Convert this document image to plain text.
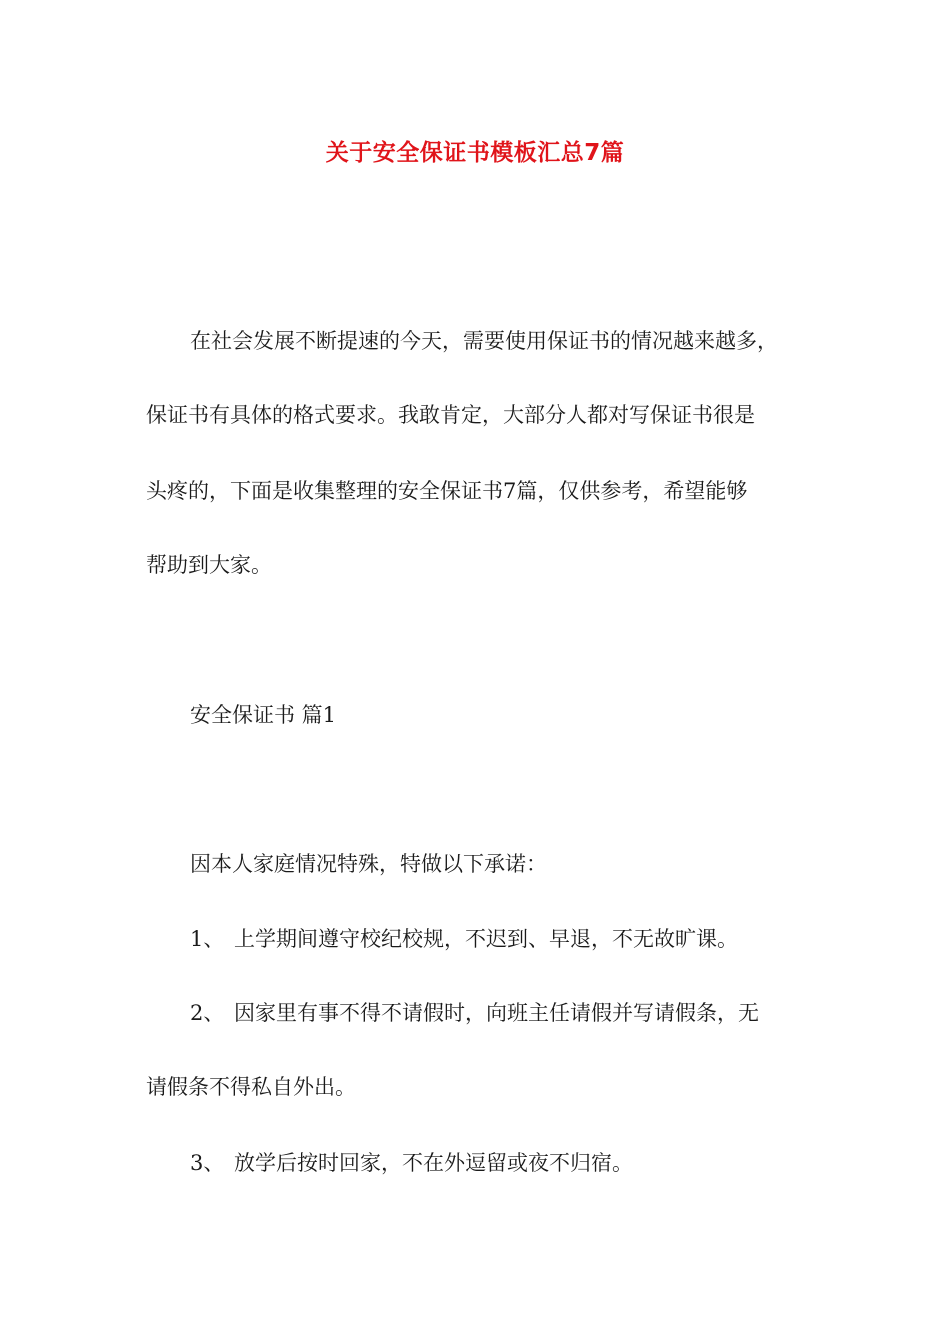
关于安全保证书模板汇总7篇
在社会发展不断提速的今天，需要使用保证书的情况越来越多，
保证书有具体的格式要求。我敢肯定，大部分人都对写保证书很是
头疼的，下面是收集整理的安全保证书7篇，仅供参考，希望能够
帮助到大家。
安全保证书 篇1
因本人家庭情况特殊，特做以下承诺：
1、 上学期间遵守校纪校规，不迟到、早退，不无故旷课。
2、 因家里有事不得不请假时，向班主任请假并写请假条，无
请假条不得私自外出。
3、 放学后按时回家，不在外逗留或夜不归宿。
